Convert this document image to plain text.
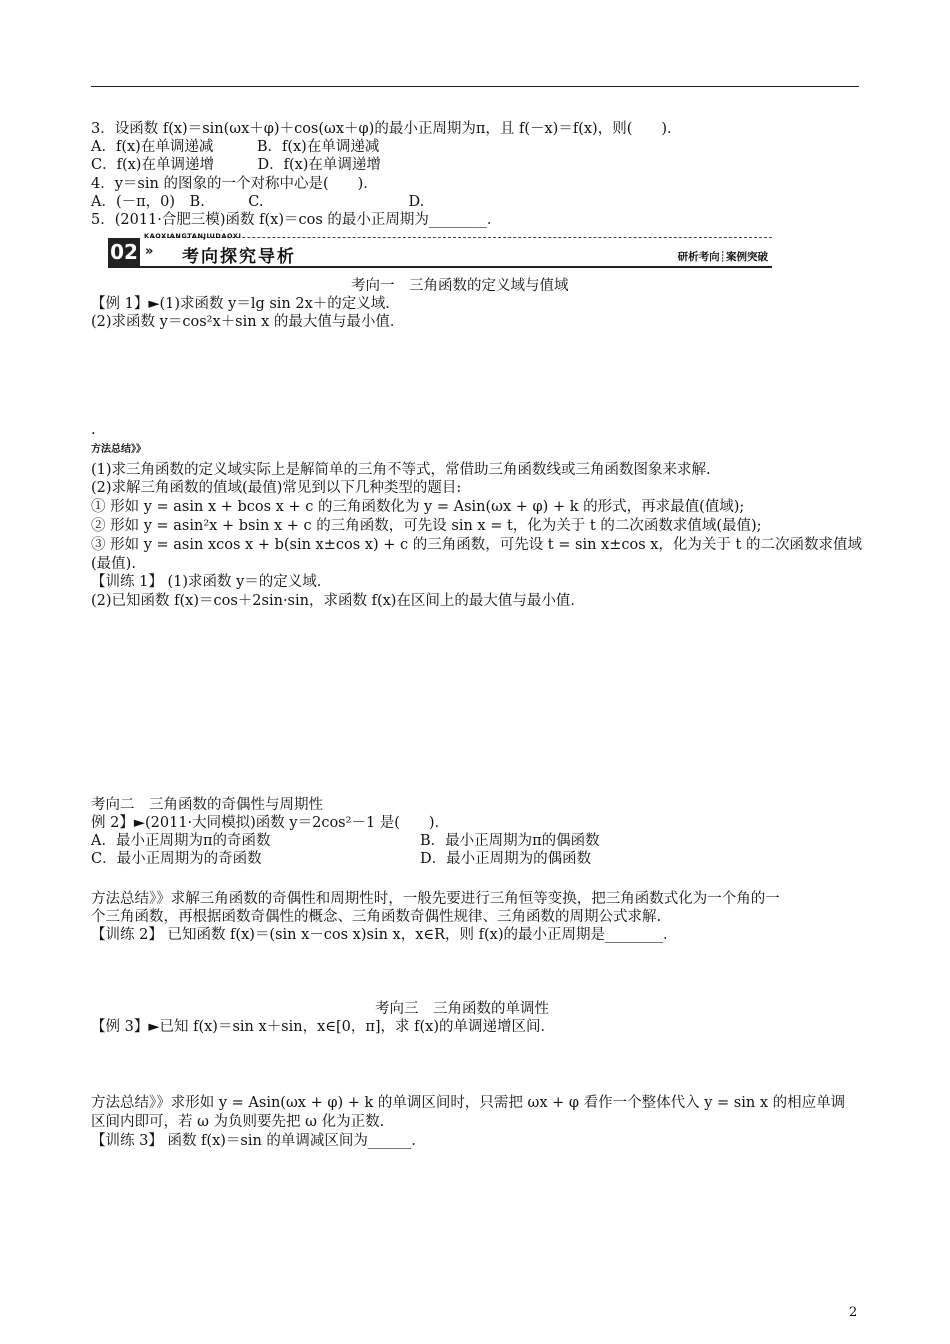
3．设函数 f(x)＝sin(ωx＋φ)＋cos(ωx＋φ)的最小正周期为π，且 f(－x)＝f(x)，则(　　)．
A．f(x)在单调递减　　　B．f(x)在单调递减
C．f(x)在单调递增　　　D．f(x)在单调递增
4．y＝sin 的图象的一个对称中心是(　　)．
A．(－π，0)　B.　　　C.　　　　　　　　　　D.
5．(2011·合肥三模)函数 f(x)＝cos 的最小正周期为________．
考向一　三角函数的定义域与值域
【例 1】►(1)求函数 y＝lg sin 2x＋的定义域．
(2)求函数 y＝cos²x＋sin x 的最大值与最小值．
.
方法总结》》
(1)求三角函数的定义域实际上是解简单的三角不等式，常借助三角函数线或三角函数图象来求解.
(2)求解三角函数的值域(最值)常见到以下几种类型的题目:
① 形如 y = asin x + bcos x + c 的三角函数化为 y = Asin(ωx + φ) + k 的形式，再求最值(值域);
② 形如 y = asin²x + bsin x + c 的三角函数，可先设 sin x = t，化为关于 t 的二次函数求值域(最值);
③ 形如 y = asin xcos x + b(sin x±cos x) + c 的三角函数，可先设 t = sin x±cos x，化为关于 t 的二次函数求值域
(最值).
【训练 1】 (1)求函数 y＝的定义域．
(2)已知函数 f(x)＝cos＋2sin·sin，求函数 f(x)在区间上的最大值与最小值．
考向二　三角函数的奇偶性与周期性
例 2】►(2011·大同模拟)函数 y＝2cos²－1 是(　　)．
A．最小正周期为π的奇函数	B．最小正周期为π的偶函数
C．最小正周期为的奇函数	D．最小正周期为的偶函数
方法总结》》求解三角函数的奇偶性和周期性时，一般先要进行三角恒等变换，把三角函数式化为一个角的一
个三角函数，再根据函数奇偶性的概念、三角函数奇偶性规律、三角函数的周期公式求解.
【训练 2】 已知函数 f(x)＝(sin x－cos x)sin x，x∈R，则 f(x)的最小正周期是________．
考向三　三角函数的单调性
【例 3】►已知 f(x)＝sin x＋sin，x∈[0，π]，求 f(x)的单调递增区间．
方法总结》》求形如 y = Asin(ωx + φ) + k 的单调区间时，只需把 ωx + φ 看作一个整体代入 y = sin x 的相应单调
区间内即可，若 ω 为负则要先把 ω 化为正数.
【训练 3】 函数 f(x)＝sin 的单调减区间为______．
02
KAOXIANGTANJIUDAOXI
» 考向探究导析	研析考向┊案例突破
2
